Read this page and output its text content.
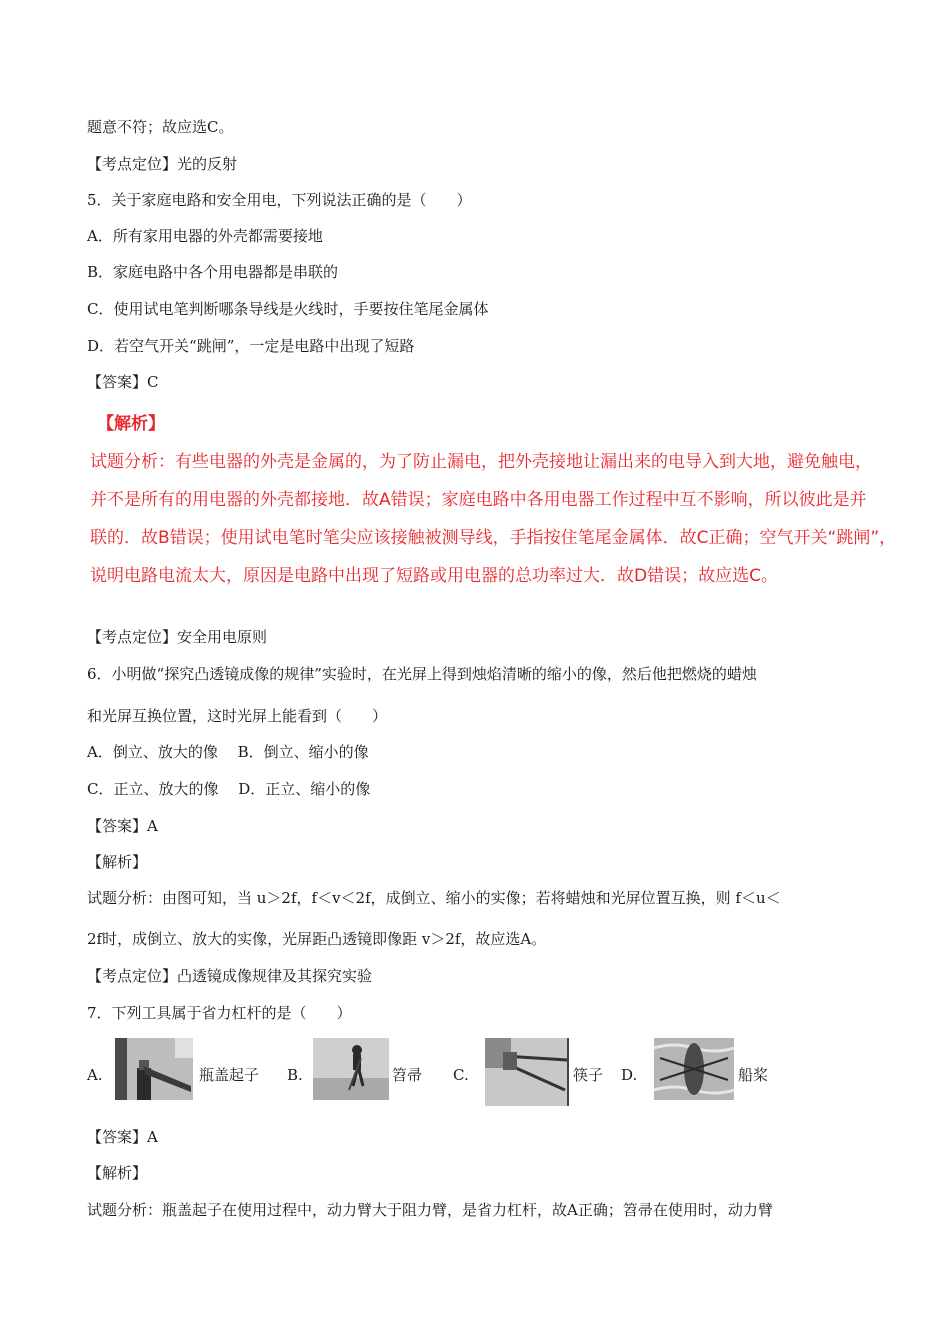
题意不符；故应选C。
【考点定位】光的反射
5．关于家庭电路和安全用电，下列说法正确的是（　　）
A．所有家用电器的外壳都需要接地
B．家庭电路中各个用电器都是串联的
C．使用试电笔判断哪条导线是火线时，手要按住笔尾金属体
D．若空气开关“跳闸”，一定是电路中出现了短路
【答案】C
【解析】
试题分析：有些电器的外壳是金属的，为了防止漏电，把外壳接地让漏出来的电导入到大地，避免触电，
并不是所有的用电器的外壳都接地．故A错误；家庭电路中各用电器工作过程中互不影响，所以彼此是并
联的．故B错误；使用试电笔时笔尖应该接触被测导线，手指按住笔尾金属体．故C正确；空气开关“跳闸”，
说明电路电流太大，原因是电路中出现了短路或用电器的总功率过大．故D错误；故应选C。
【考点定位】安全用电原则
6．小明做“探究凸透镜成像的规律”实验时，在光屏上得到烛焰清晰的缩小的像，然后他把燃烧的蜡烛
和光屏互换位置，这时光屏上能看到（　　）
A．倒立、放大的像　 B．倒立、缩小的像
C．正立、放大的像　 D．正立、缩小的像
【答案】A
【解析】
试题分析：由图可知，当 u＞2f，f＜v＜2f，成倒立、缩小的实像；若将蜡烛和光屏位置互换，则 f＜u＜
2f时，成倒立、放大的实像，光屏距凸透镜即像距 v＞2f，故应选A。
【考点定位】凸透镜成像规律及其探究实验
7．下列工具属于省力杠杆的是（　　）
A.	瓶盖起子 B.	笤帚 C.	筷子 D.	船桨
【答案】A
【解析】
试题分析：瓶盖起子在使用过程中，动力臂大于阻力臂，是省力杠杆，故A正确；笤帚在使用时，动力臂
